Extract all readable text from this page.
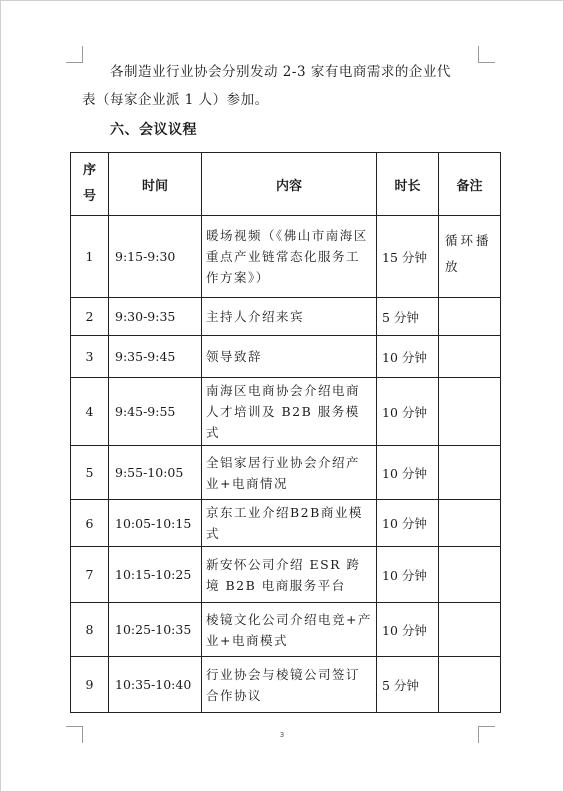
各制造业行业协会分别发动 2-3 家有电商需求的企业代
表（每家企业派 1 人）参加。
六、会议议程
序号	时间	内容	时长	备注
1	9:15-9:30	暖场视频（《佛山市南海区重点产业链常态化服务工作方案》）	15 分钟	循环播放
2	9:30-9:35	主持人介绍来宾	5 分钟	
3	9:35-9:45	领导致辞	10 分钟	
4	9:45-9:55	南海区电商协会介绍电商人才培训及 B2B 服务模式	10 分钟	
5	9:55-10:05	全铝家居行业协会介绍产业+电商情况	10 分钟	
6	10:05-10:15	京东工业介绍B2B商业模式	10 分钟	
7	10:15-10:25	新安怀公司介绍 ESR 跨境 B2B 电商服务平台	10 分钟	
8	10:25-10:35	棱镜文化公司介绍电竞+产业+电商模式	10 分钟	
9	10:35-10:40	行业协会与棱镜公司签订合作协议	5 分钟	
3
